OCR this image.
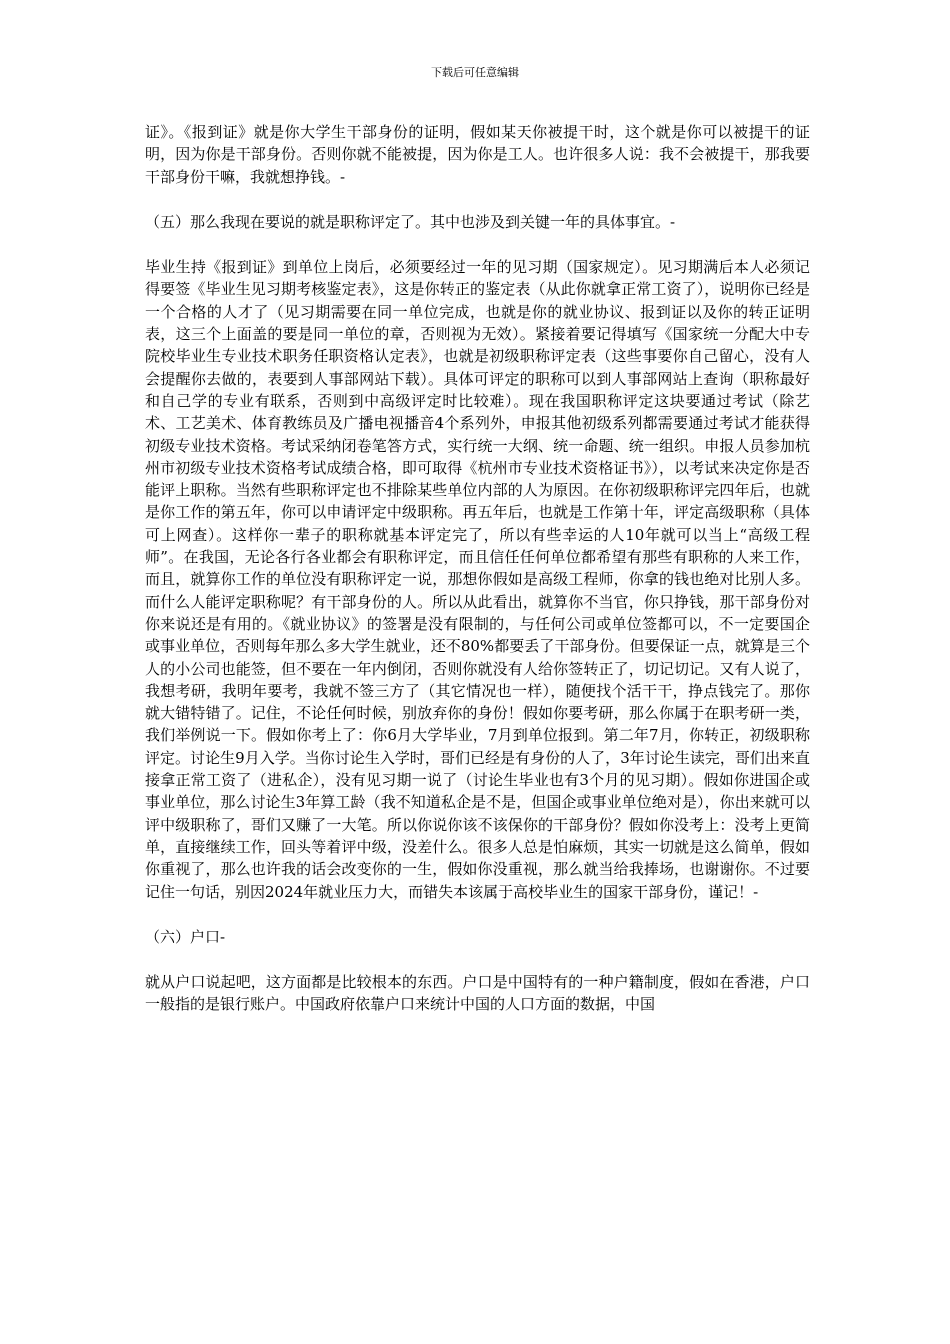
下载后可任意编辑

证》。《报到证》就是你大学生干部身份的证明，假如某天你被提干时，这个就是你可以被提干的证明，因为你是干部身份。否则你就不能被提，因为你是工人。也许很多人说：我不会被提干，那我要干部身份干嘛，我就想挣钱。-

（五）那么我现在要说的就是职称评定了。其中也涉及到关键一年的具体事宜。-

毕业生持《报到证》到单位上岗后，必须要经过一年的见习期（国家规定）。见习期满后本人必须记得要签《毕业生见习期考核鉴定表》，这是你转正的鉴定表（从此你就拿正常工资了），说明你已经是一个合格的人才了（见习期需要在同一单位完成，也就是你的就业协议、报到证以及你的转正证明表，这三个上面盖的要是同一单位的章，否则视为无效）。紧接着要记得填写《国家统一分配大中专院校毕业生专业技术职务任职资格认定表》，也就是初级职称评定表（这些事要你自己留心，没有人会提醒你去做的，表要到人事部网站下载）。具体可评定的职称可以到人事部网站上查询（职称最好和自己学的专业有联系，否则到中高级评定时比较难）。现在我国职称评定这块要通过考试（除艺术、工艺美术、体育教练员及广播电视播音4个系列外，申报其他初级系列都需要通过考试才能获得初级专业技术资格。考试采纳闭卷笔答方式，实行统一大纲、统一命题、统一组织。申报人员参加杭州市初级专业技术资格考试成绩合格，即可取得《杭州市专业技术资格证书》），以考试来决定你是否能评上职称。当然有些职称评定也不排除某些单位内部的人为原因。在你初级职称评完四年后，也就是你工作的第五年，你可以申请评定中级职称。再五年后，也就是工作第十年，评定高级职称（具体可上网查）。这样你一辈子的职称就基本评定完了，所以有些幸运的人10年就可以当上“高级工程师”。在我国，无论各行各业都会有职称评定，而且信任任何单位都希望有那些有职称的人来工作，而且，就算你工作的单位没有职称评定一说，那想你假如是高级工程师，你拿的钱也绝对比别人多。而什么人能评定职称呢？有干部身份的人。所以从此看出，就算你不当官，你只挣钱，那干部身份对你来说还是有用的。《就业协议》的签署是没有限制的，与任何公司或单位签都可以，不一定要国企或事业单位，否则每年那么多大学生就业，还不80%都要丢了干部身份。但要保证一点，就算是三个人的小公司也能签，但不要在一年内倒闭，否则你就没有人给你签转正了，切记切记。又有人说了，我想考研，我明年要考，我就不签三方了（其它情况也一样），随便找个活干干，挣点钱完了。那你就大错特错了。记住，不论任何时候，别放弃你的身份！假如你要考研，那么你属于在职考研一类，我们举例说一下。假如你考上了：你6月大学毕业，7月到单位报到。第二年7月，你转正，初级职称评定。讨论生9月入学。当你讨论生入学时，哥们已经是有身份的人了，3年讨论生读完，哥们出来直接拿正常工资了（进私企），没有见习期一说了（讨论生毕业也有3个月的见习期）。假如你进国企或事业单位，那么讨论生3年算工龄（我不知道私企是不是，但国企或事业单位绝对是），你出来就可以评中级职称了，哥们又赚了一大笔。所以你说你该不该保你的干部身份？假如你没考上：没考上更简单，直接继续工作，回头等着评中级，没差什么。很多人总是怕麻烦，其实一切就是这么简单，假如你重视了，那么也许我的话会改变你的一生，假如你没重视，那么就当给我捧场，也谢谢你。不过要记住一句话，别因2024年就业压力大，而错失本该属于高校毕业生的国家干部身份，谨记！-

（六）户口-

就从户口说起吧，这方面都是比较根本的东西。户口是中国特有的一种户籍制度，假如在香港，户口一般指的是银行账户。中国政府依靠户口来统计中国的人口方面的数据，中国
